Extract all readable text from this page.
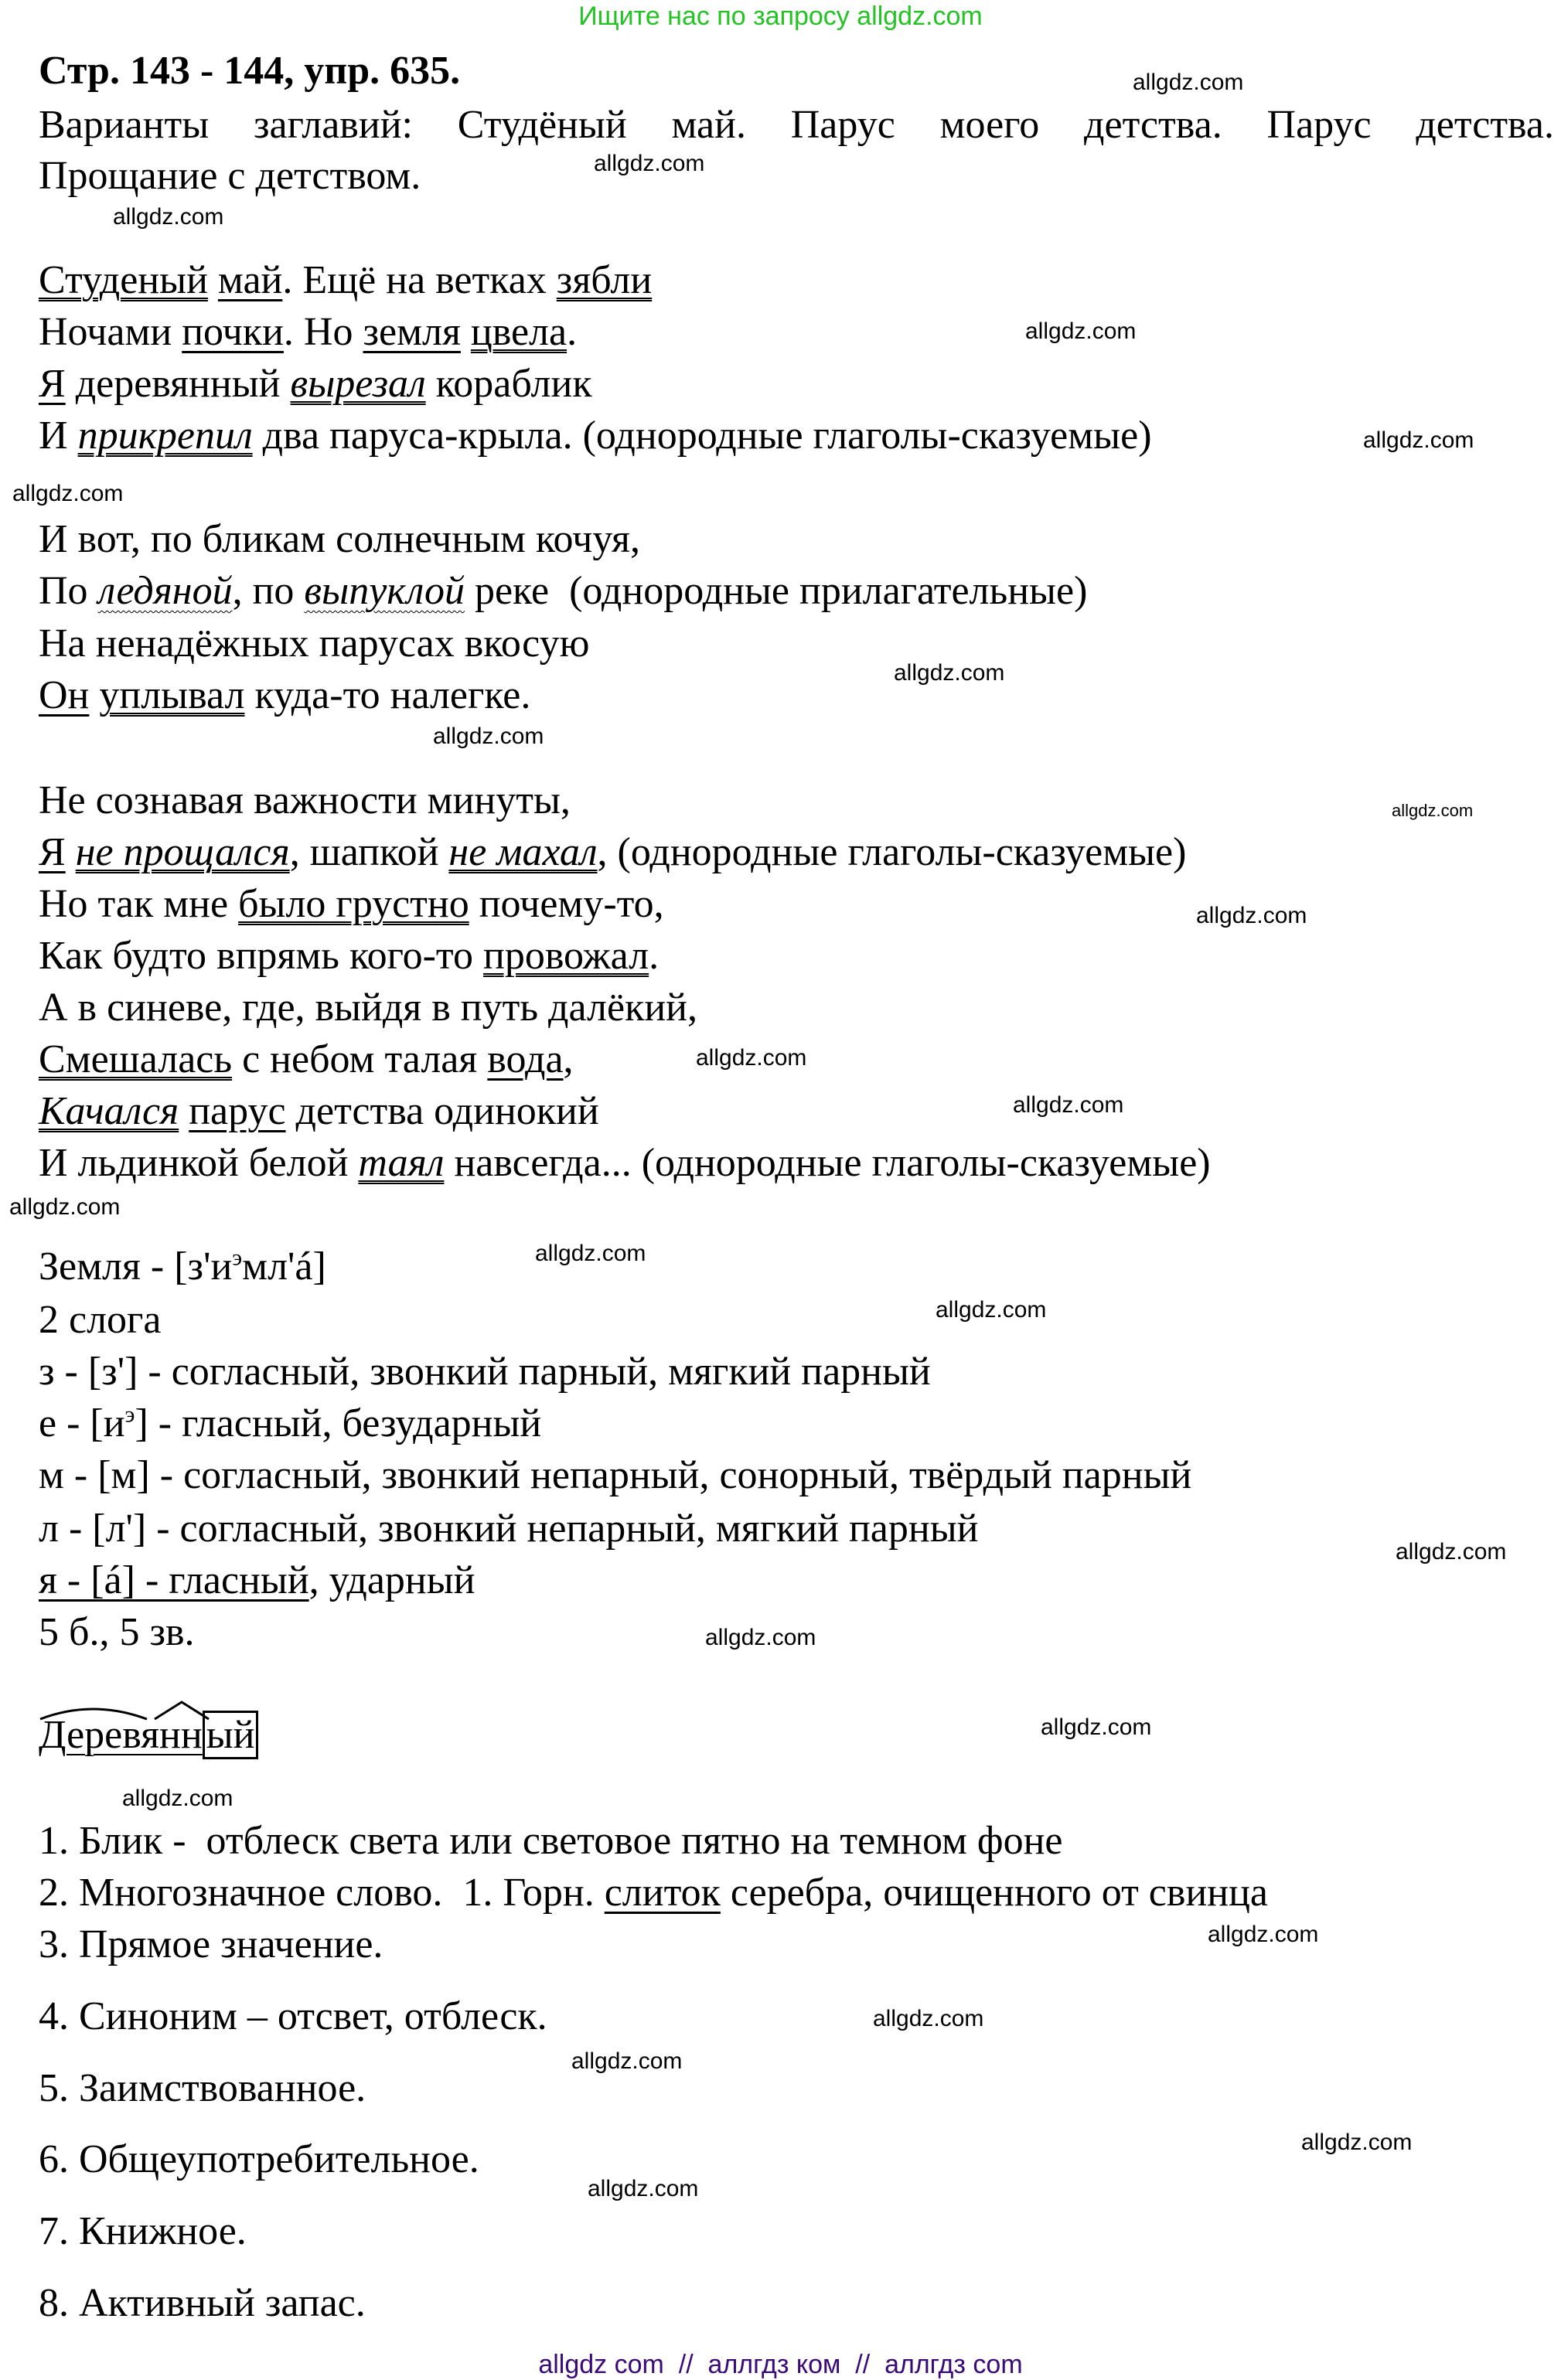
Ищите нас по запросу allgdz.com
Стр. 143 - 144, упр. 635.
Варианты заглавий: Студёный май. Парус моего детства. Парус детства.
Прощание с детством.
Студеный май. Ещё на ветках зябли
Ночами почки. Но земля цвела.
Я деревянный вырезал кораблик
И прикрепил два паруса-крыла. (однородные глаголы-сказуемые)
И вот, по бликам солнечным кочуя,
По ледяной, по выпуклой реке  (однородные прилагательные)
На ненадёжных парусах вкосую
Он уплывал куда-то налегке.
Не сознавая важности минуты,
Я не прощался, шапкой не махал, (однородные глаголы-сказуемые)
Но так мне было грустно почему-то,
Как будто впрямь кого-то провожал.
А в синеве, где, выйдя в путь далёкий,
Смешалась с небом талая вода,
Качался парус детства одинокий
И льдинкой белой таял навсегда... (однородные глаголы-сказуемые)
Земля - $[з'и^эмл'á]$
2 слога
з - [з'] - согласный, звонкий парный, мягкий парный
е - $[и^э]$ - гласный, безударный
м - [м] - согласный, звонкий непарный, сонорный, твёрдый парный
л - [л'] - согласный, звонкий непарный, мягкий парный
я - [á] - гласный, ударный
5 б., 5 зв.
1. Блик -  отблеск света или световое пятно на темном фоне
2. Многозначное слово.  1. Горн. слиток серебра, очищенного от свинца
3. Прямое значение.
4. Синоним – отсвет, отблеск.
5. Заимствованное.
6. Общеупотребительное.
7. Книжное.
8. Активный запас.
Деревянный
allgdz.com
allgdz.com
allgdz.com
allgdz.com
allgdz.com
allgdz.com
allgdz.com
allgdz.com
allgdz.com
allgdz.com
allgdz.com
allgdz.com
allgdz.com
allgdz.com
allgdz.com
allgdz.com
allgdz.com
allgdz.com
allgdz.com
allgdz.com
allgdz.com
allgdz.com
allgdz.com
allgdz.com
allgdz com  //  аллгдз ком  //  аллгдз com
